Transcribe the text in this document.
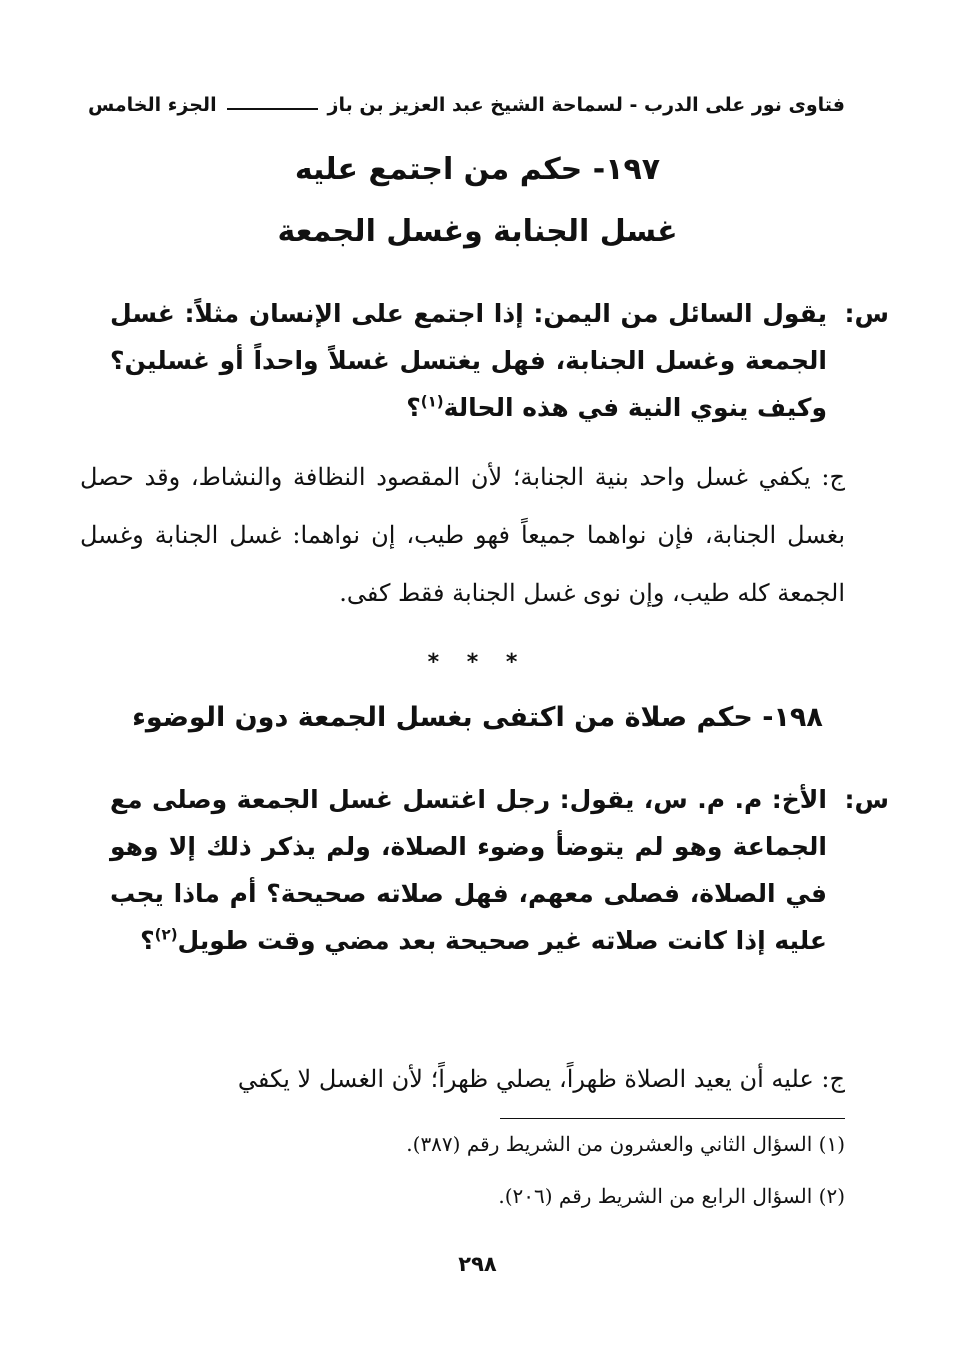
فتاوى نور على الدرب - لسماحة الشيخ عبد العزيز بن باز
الجزء الخامس
١٩٧- حكم من اجتمع عليه
غسل الجنابة وغسل الجمعة
س:
يقول السائل من اليمن: إذا اجتمع على الإنسان مثلاً: غسل الجمعة وغسل الجنابة، فهل يغتسل غسلاً واحداً أو غسلين؟ وكيف ينوي النية في هذه الحالة$^{(١)}$؟
ج: يكفي غسل واحد بنية الجنابة؛ لأن المقصود النظافة والنشاط، وقد حصل بغسل الجنابة، فإن نواهما جميعاً فهو طيب، إن نواهما: غسل الجنابة وغسل الجمعة كله طيب، وإن نوى غسل الجنابة فقط كفى.
* * *
١٩٨- حكم صلاة من اكتفى بغسل الجمعة دون الوضوء
س:
الأخ: م. م. س، يقول: رجل اغتسل غسل الجمعة وصلى مع الجماعة وهو لم يتوضأ وضوء الصلاة، ولم يذكر ذلك إلا وهو في الصلاة، فصلى معهم، فهل صلاته صحيحة؟ أم ماذا يجب عليه إذا كانت صلاته غير صحيحة بعد مضي وقت طويل$^{(٢)}$؟
ج: عليه أن يعيد الصلاة ظهراً، يصلي ظهراً؛ لأن الغسل لا يكفي
(١) السؤال الثاني والعشرون من الشريط رقم (٣٨٧).
(٢) السؤال الرابع من الشريط رقم (٢٠٦).
٢٩٨
